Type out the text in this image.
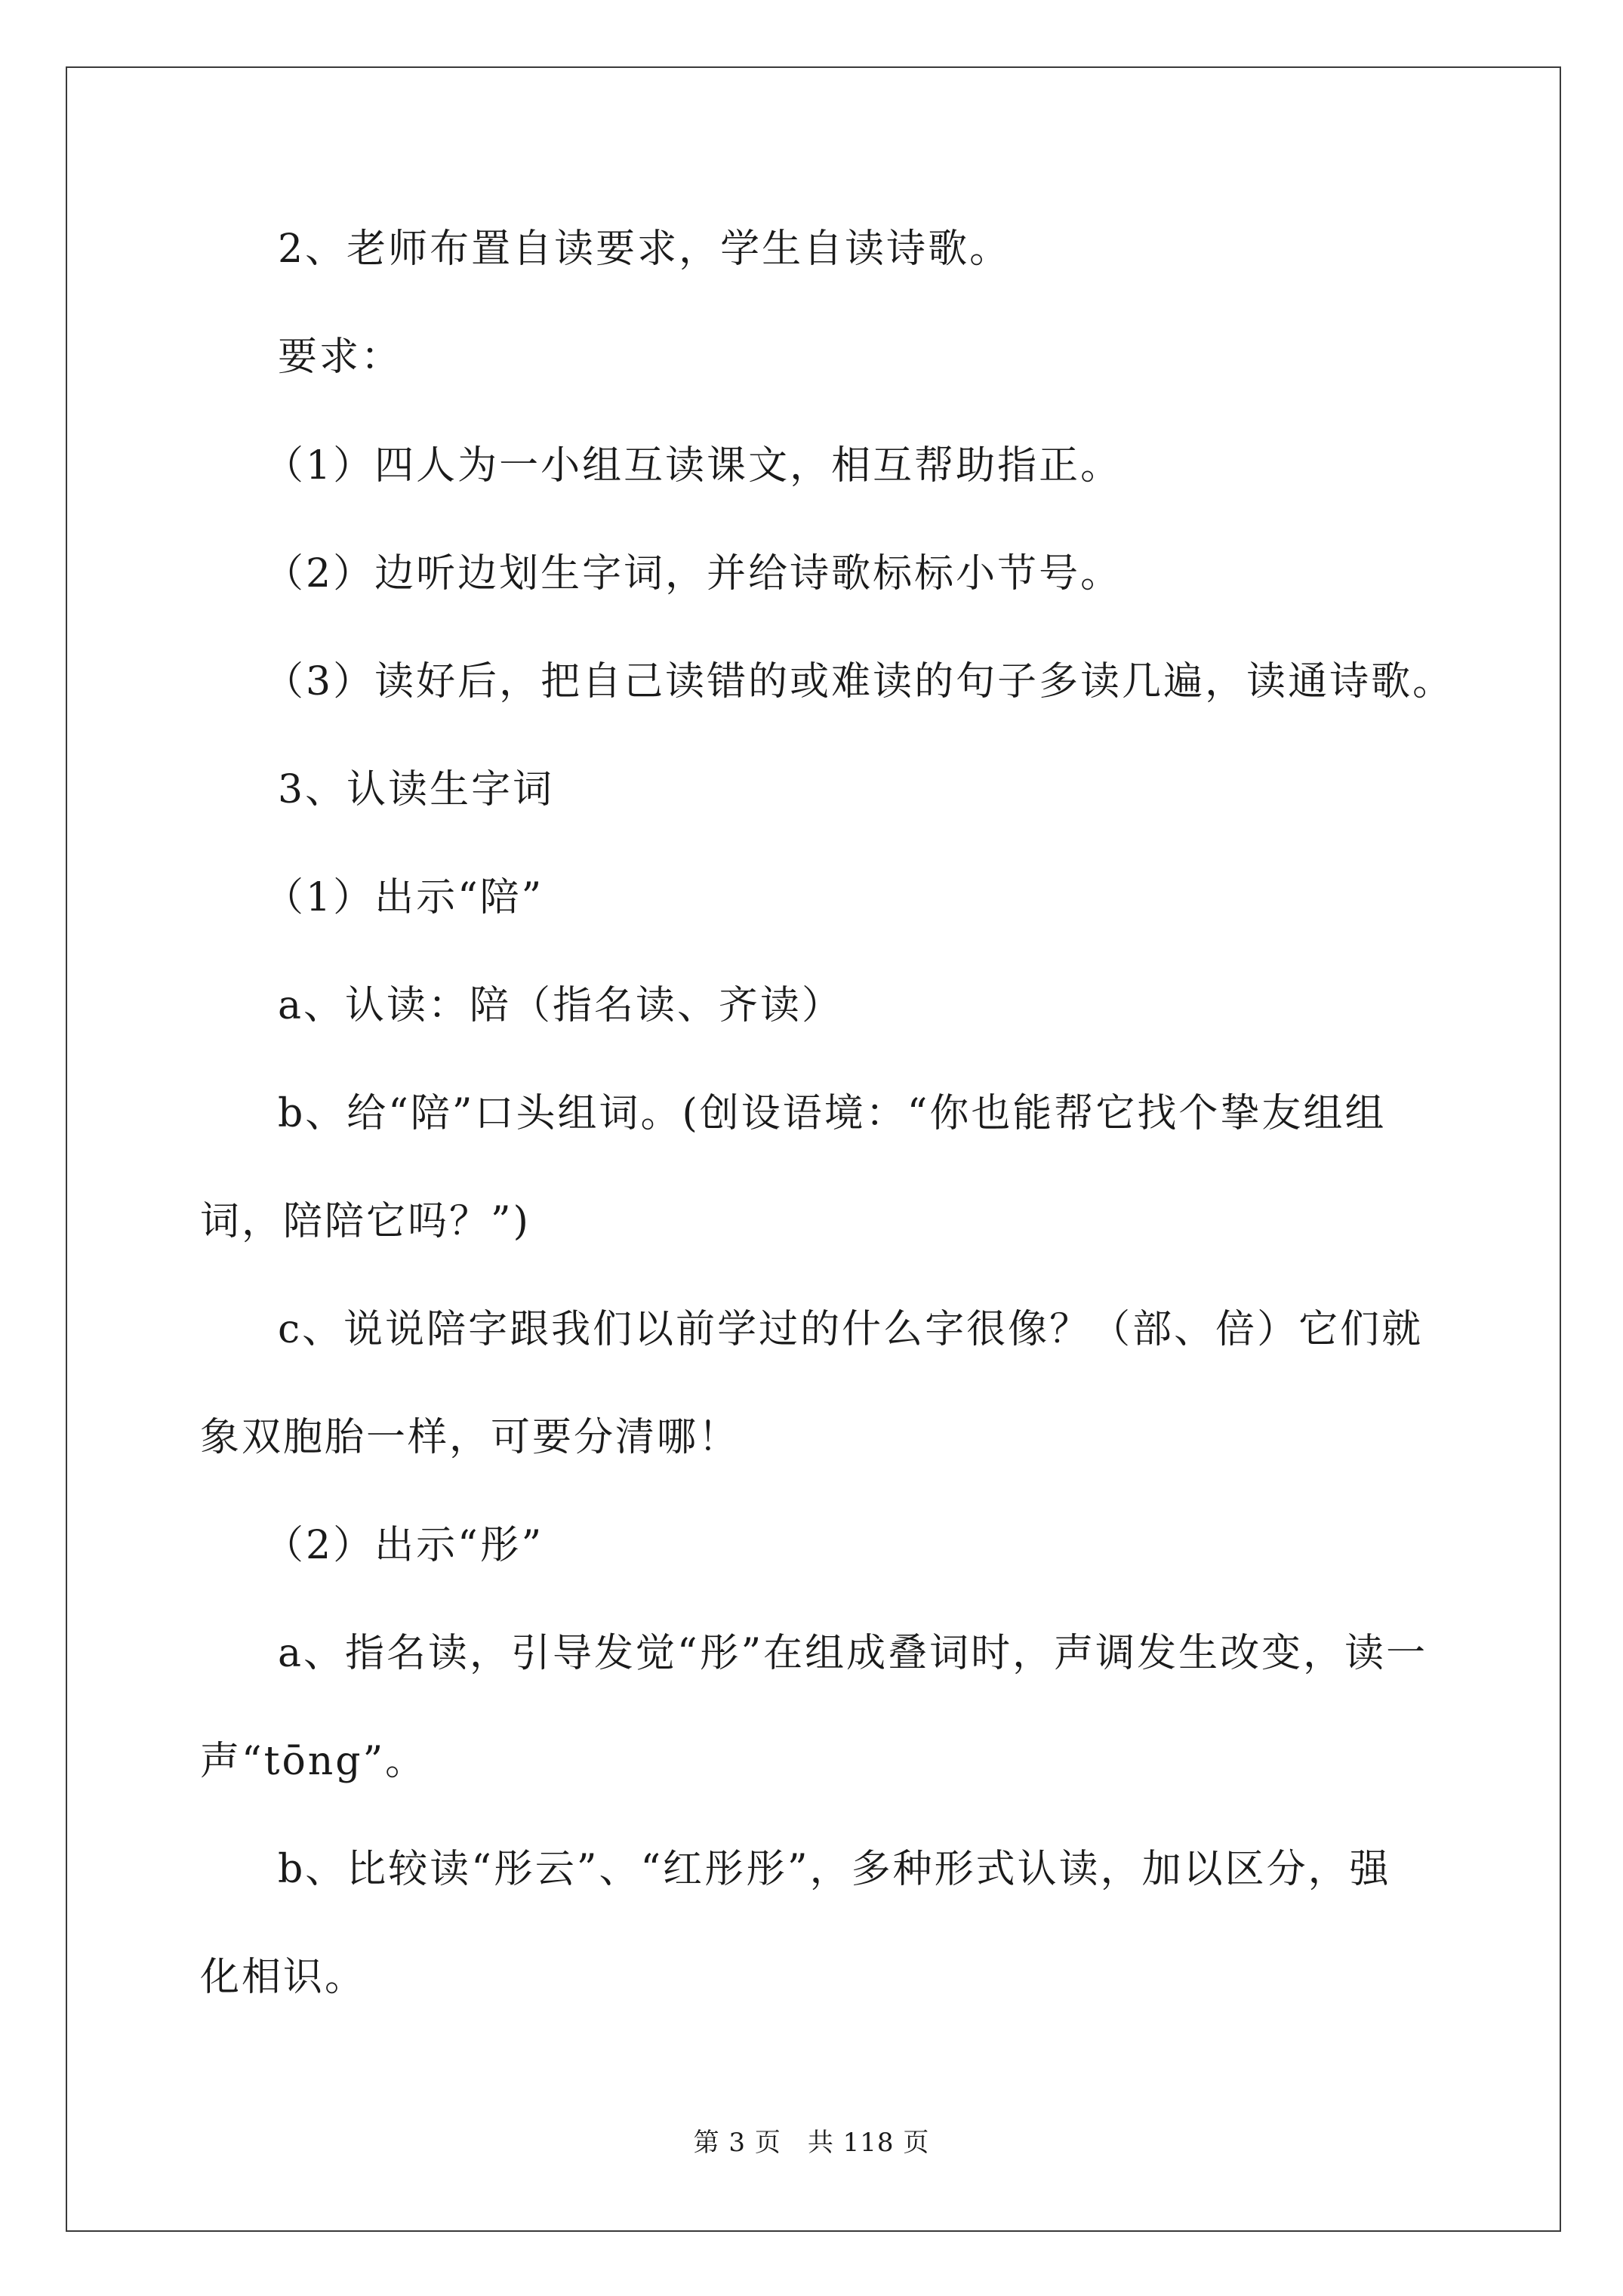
2、老师布置自读要求，学生自读诗歌。
要求：
（1）四人为一小组互读课文，相互帮助指正。
（2）边听边划生字词，并给诗歌标标小节号。
（3）读好后，把自己读错的或难读的句子多读几遍，读通诗歌。
3、认读生字词
（1）出示“陪”
a、认读：陪（指名读、齐读）
b、给“陪”口头组词。(创设语境：“你也能帮它找个挚友组组
词，陪陪它吗？”)
c、说说陪字跟我们以前学过的什么字很像？（部、倍）它们就
象双胞胎一样，可要分清哪！
（2）出示“彤”
a、指名读，引导发觉“彤”在组成叠词时，声调发生改变，读一
声“tōng”。
b、比较读“彤云”、“红彤彤”，多种形式认读，加以区分，强
化相识。
第 3 页　共 118 页
